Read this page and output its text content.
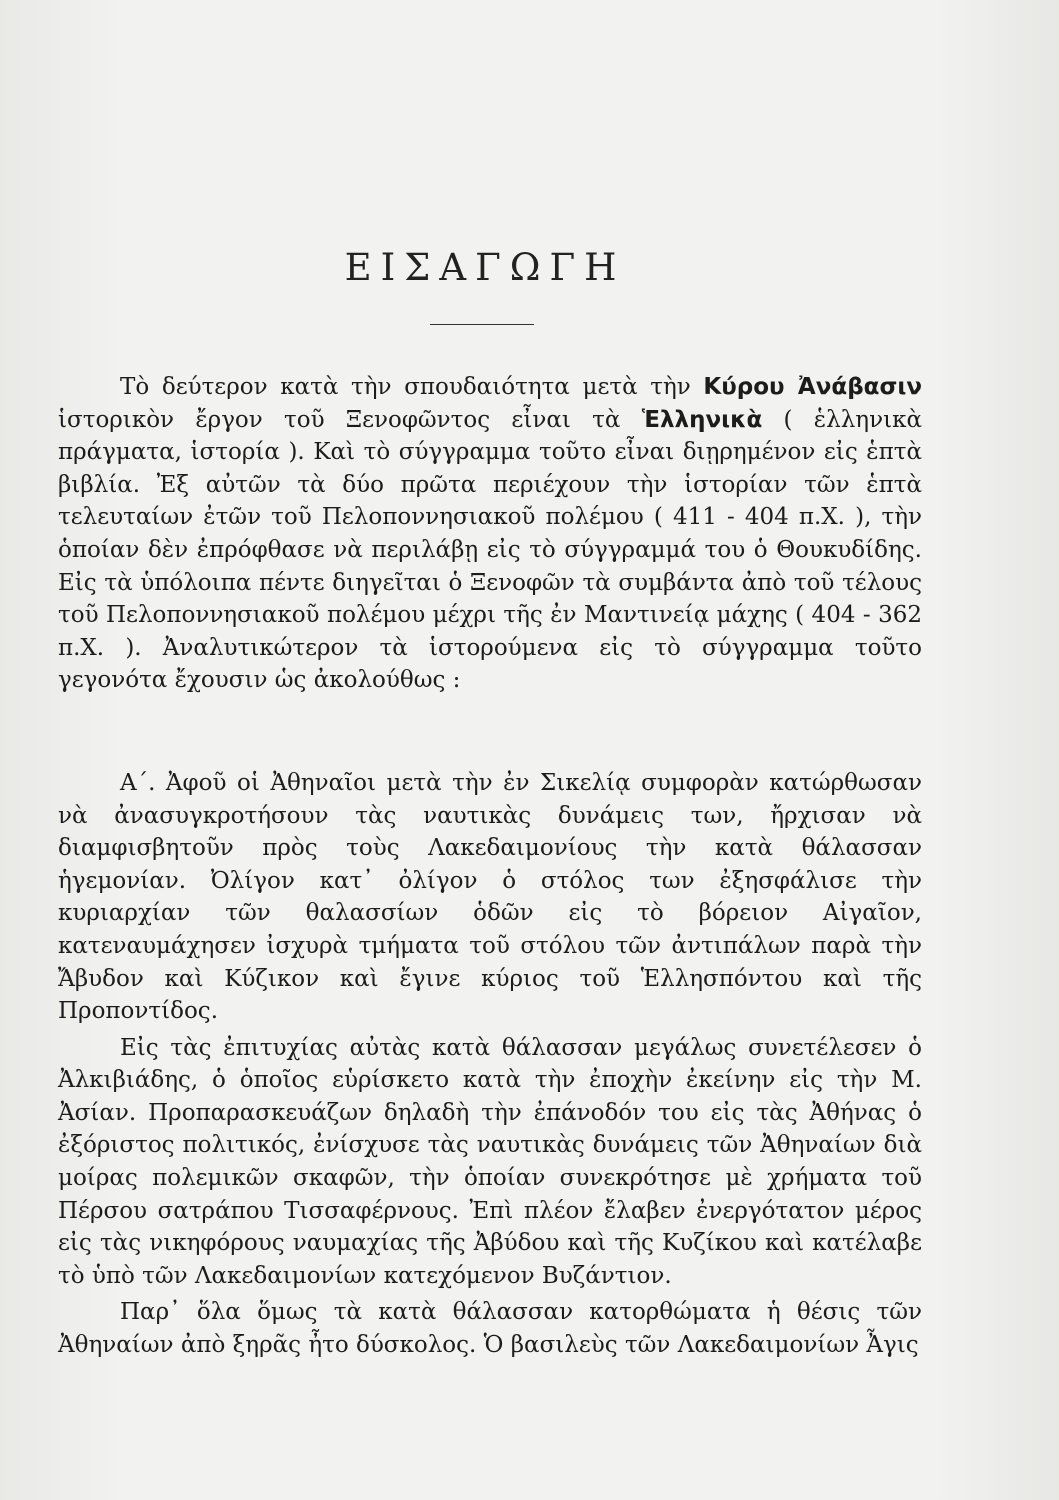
ΕΙΣΑΓΩΓΗ

Τὸ δεύτερον κατὰ τὴν σπουδαιότητα μετὰ τὴν Κύρου Ἀνάβασιν ἱστορικὸν ἔργον τοῦ Ξενοφῶντος εἶναι τὰ Ἑλληνικὰ ( ἑλληνικὰ πράγματα, ἱστορία ). Καὶ τὸ σύγγραμμα τοῦτο εἶναι διῃρημένον εἰς ἑπτὰ βιβλία. Ἐξ αὐτῶν τὰ δύο πρῶτα περιέχουν τὴν ἱστορίαν τῶν ἑπτὰ τελευταίων ἐτῶν τοῦ Πελοποννησιακοῦ πολέμου ( 411 - 404 π.Χ. ), τὴν ὁποίαν δὲν ἐπρόφθασε νὰ περιλάβῃ εἰς τὸ σύγγραμμά του ὁ Θουκυδίδης. Εἰς τὰ ὑπόλοιπα πέντε διηγεῖται ὁ Ξενοφῶν τὰ συμβάντα ἀπὸ τοῦ τέλους τοῦ Πελοποννησιακοῦ πολέμου μέχρι τῆς ἐν Μαντινείᾳ μάχης ( 404 - 362 π.Χ. ). Ἀναλυτικώτερον τὰ ἱστορούμενα εἰς τὸ σύγγραμμα τοῦτο γεγονότα ἔχουσιν ὡς ἀκολούθως :

Α΄. Ἀφοῦ οἱ Ἀθηναῖοι μετὰ τὴν ἐν Σικελίᾳ συμφορὰν κατώρθωσαν νὰ ἀνασυγκροτήσουν τὰς ναυτικὰς δυνάμεις των, ἤρχισαν νὰ διαμφισβητοῦν πρὸς τοὺς Λακεδαιμονίους τὴν κατὰ θάλασσαν ἡγεμονίαν. Ὀλίγον κατ᾿ ὀλίγον ὁ στόλος των ἐξησφάλισε τὴν κυριαρχίαν τῶν θαλασσίων ὁδῶν εἰς τὸ βόρειον Αἰγαῖον, κατεναυμάχησεν ἰσχυρὰ τμήματα τοῦ στόλου τῶν ἀντιπάλων παρὰ τὴν Ἄβυδον καὶ Κύζικον καὶ ἔγινε κύριος τοῦ Ἑλλησπόντου καὶ τῆς Προποντίδος.

Εἰς τὰς ἐπιτυχίας αὐτὰς κατὰ θάλασσαν μεγάλως συνετέλεσεν ὁ Ἀλκιβιάδης, ὁ ὁποῖος εὑρίσκετο κατὰ τὴν ἐποχὴν ἐκείνην εἰς τὴν Μ. Ἀσίαν. Προπαρασκευάζων δηλαδὴ τὴν ἐπάνοδόν του εἰς τὰς Ἀθήνας ὁ ἐξόριστος πολιτικός, ἐνίσχυσε τὰς ναυτικὰς δυνάμεις τῶν Ἀθηναίων διὰ μοίρας πολεμικῶν σκαφῶν, τὴν ὁποίαν συνεκρότησε μὲ χρήματα τοῦ Πέρσου σατράπου Τισσαφέρνους. Ἐπὶ πλέον ἔλαβεν ἐνεργότατον μέρος εἰς τὰς νικηφόρους ναυμαχίας τῆς Ἀβύδου καὶ τῆς Κυζίκου καὶ κατέλαβε τὸ ὑπὸ τῶν Λακεδαιμονίων κατεχόμενον Βυζάντιον.

Παρ᾿ ὅλα ὅμως τὰ κατὰ θάλασσαν κατορθώματα ἡ θέσις τῶν Ἀθηναίων ἀπὸ ξηρᾶς ἦτο δύσκολος. Ὁ βασιλεὺς τῶν Λακεδαιμονίων Ἆγις
